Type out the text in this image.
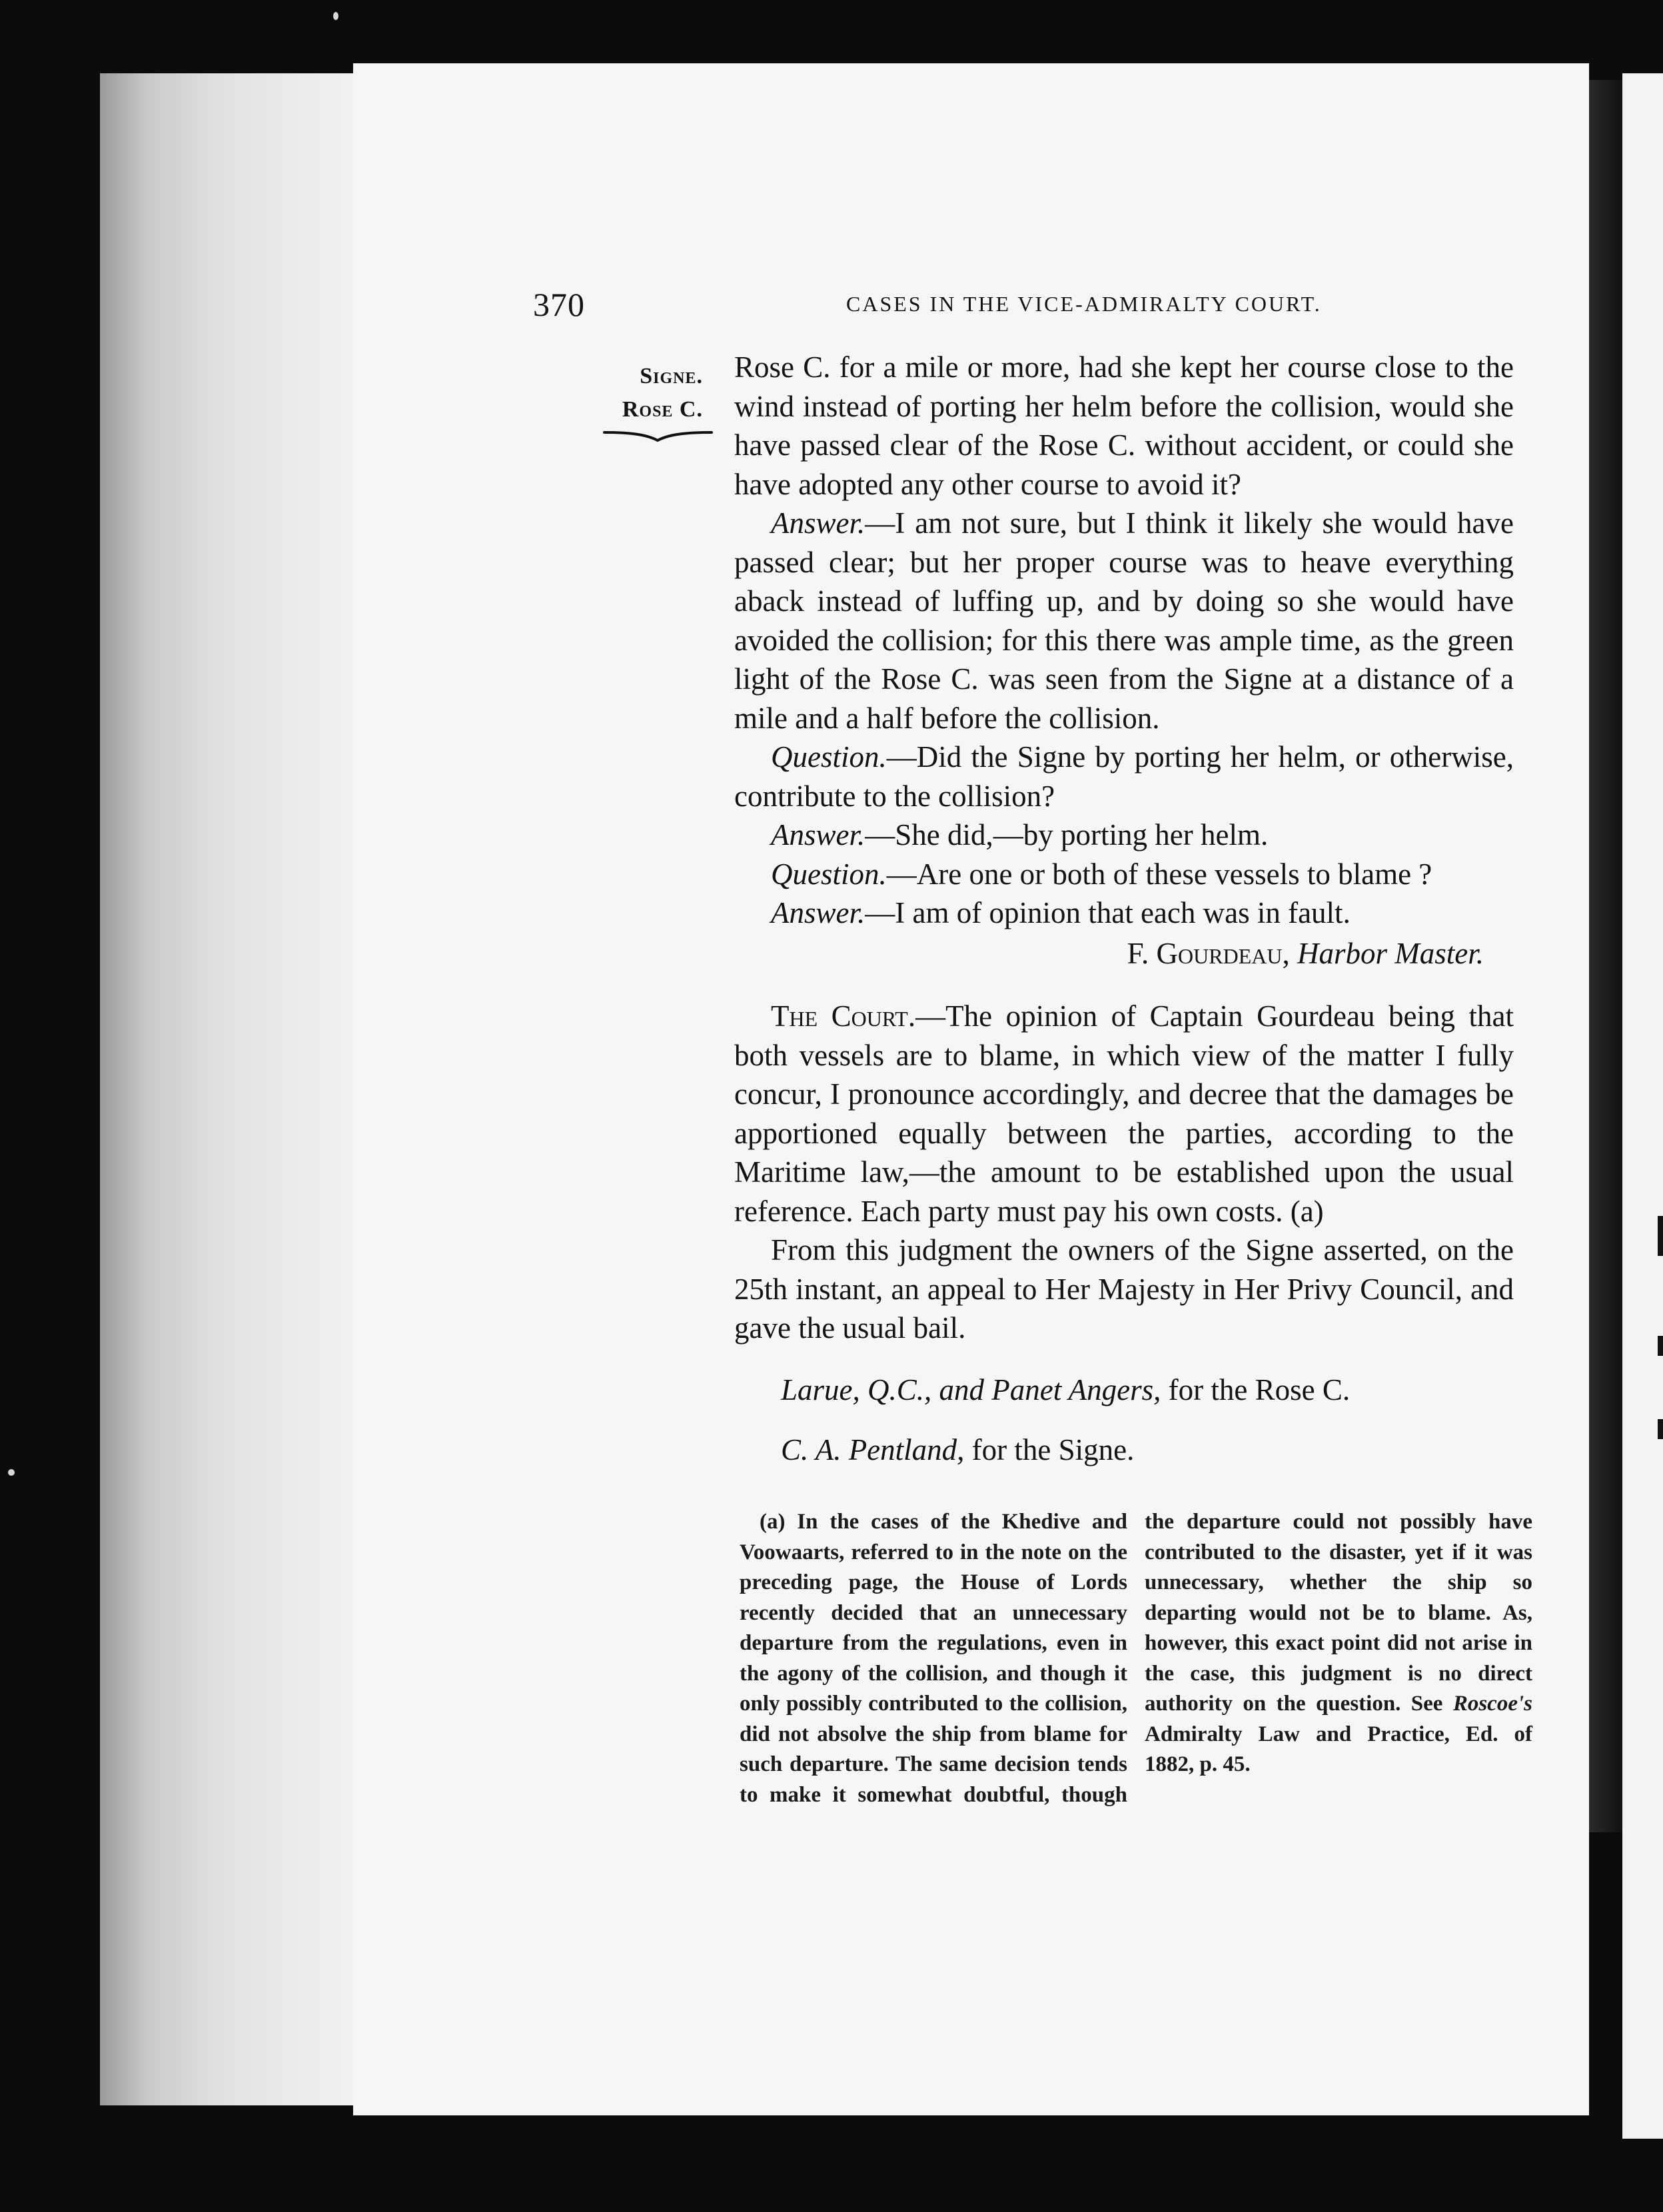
370	CASES IN THE VICE-ADMIRALTY COURT.
Signe.
Rose C.

Rose C. for a mile or more, had she kept her course close to the wind instead of porting her helm before the collision, would she have passed clear of the Rose C. without accident, or could she have adopted any other course to avoid it?

Answer.—I am not sure, but I think it likely she would have passed clear; but her proper course was to heave everything aback instead of luffing up, and by doing so she would have avoided the collision; for this there was ample time, as the green light of the Rose C. was seen from the Signe at a distance of a mile and a half before the collision.

Question.—Did the Signe by porting her helm, or otherwise, contribute to the collision?

Answer.—She did,—by porting her helm.

Question.—Are one or both of these vessels to blame ?

Answer.—I am of opinion that each was in fault.

F. Gourdeau, Harbor Master.

The Court.—The opinion of Captain Gourdeau being that both vessels are to blame, in which view of the matter I fully concur, I pronounce accordingly, and decree that the damages be apportioned equally between the parties, according to the Maritime law,—the amount to be established upon the usual reference. Each party must pay his own costs. (a)

From this judgment the owners of the Signe asserted, on the 25th instant, an appeal to Her Majesty in Her Privy Council, and gave the usual bail.

Larue, Q.C., and Panet Angers, for the Rose C.

C. A. Pentland, for the Signe.

(a) In the cases of the Khedive and Voowaarts, referred to in the note on the preceding page, the House of Lords recently decided that an unnecessary departure from the regulations, even in the agony of the collision, and though it only possibly contributed to the collision, did not absolve the ship from blame for such departure. The same decision tends to make it somewhat doubtful, though the departure could not possibly have contributed to the disaster, yet if it was unnecessary, whether the ship so departing would not be to blame. As, however, this exact point did not arise in the case, this judgment is no direct authority on the question. See Roscoe's Admiralty Law and Practice, Ed. of 1882, p. 45.
